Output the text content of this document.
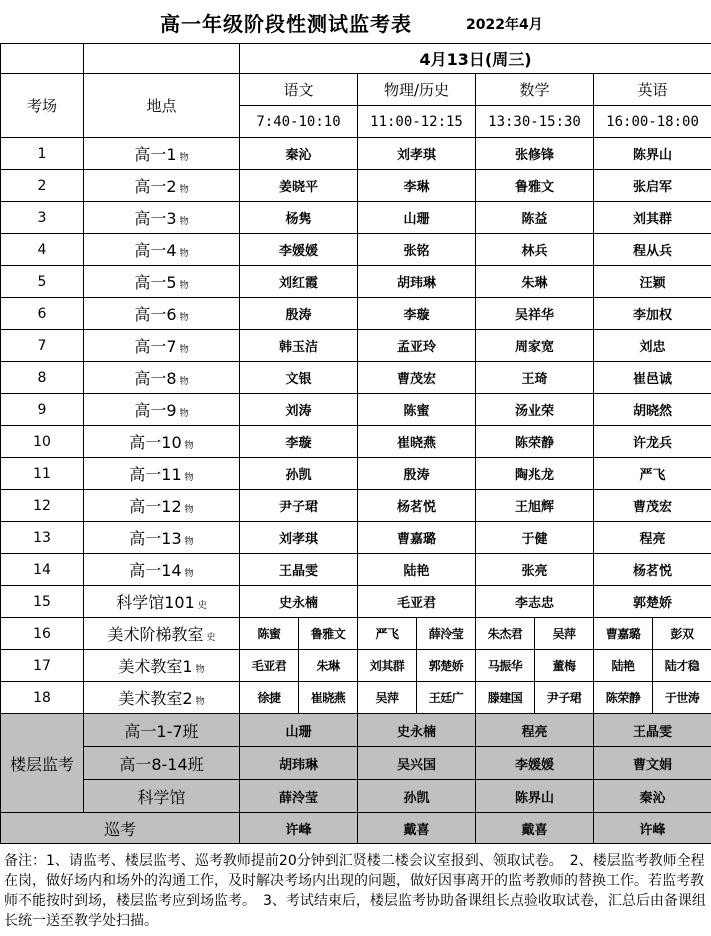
高一年级阶段性测试监考表	2022年4月
		4月13日(周三)							
考场	地点	语文		物理/历史		数学		英语	
		7:40-10:10		11:00-12:15		13:30-15:30		16:00-18:00	
1	高一1 物	秦沁		刘孝琪		张修锋		陈界山	
2	高一2 物	姜晓平		李琳		鲁雅文		张启军	
3	高一3 物	杨隽		山珊		陈益		刘其群	
4	高一4 物	李媛媛		张铭		林兵		程从兵	
5	高一5 物	刘红霞		胡玮琳		朱琳		汪颖	
6	高一6 物	殷涛		李璇		吴祥华		李加权	
7	高一7 物	韩玉洁		孟亚玲		周家宽		刘忠	
8	高一8 物	文银		曹茂宏		王琦		崔邑诚	
9	高一9 物	刘涛		陈蜜		汤业荣		胡晓然	
10	高一10 物	李璇		崔晓燕		陈荣静		许龙兵	
11	高一11 物	孙凯		殷涛		陶兆龙		严飞	
12	高一12 物	尹子珺		杨茗悦		王旭辉		曹茂宏	
13	高一13 物	刘孝琪		曹嘉璐		于健		程亮	
14	高一14 物	王晶雯		陆艳		张亮		杨茗悦	
15	科学馆101 史	史永楠		毛亚君		李志忠		郭楚娇	
16	美术阶梯教室 史	陈蜜	鲁雅文	严飞	薛泠莹	朱杰君	吴萍	曹嘉璐	彭双
17	美术教室1 物	毛亚君	朱琳	刘其群	郭楚娇	马振华	董梅	陆艳	陆才稳
18	美术教室2 物	徐捷	崔晓燕	吴萍	王廷广	滕建国	尹子珺	陈荣静	于世涛
楼层监考	高一1-7班	山珊		史永楠		程亮		王晶雯	
	高一8-14班	胡玮琳		吴兴国		李媛媛		曹文娟	
	科学馆	薛泠莹		孙凯		陈界山		秦沁	
巡考		许峰		戴喜		戴喜		许峰	
备注：1、请监考、楼层监考、巡考教师提前20分钟到汇贤楼二楼会议室报到、领取试卷。　2、楼层监考教师全程在岗，做好场内和场外的沟通工作，及时解决考场内出现的问题，做好因事离开的监考教师的替换工作。若监考教师不能按时到场，楼层监考应到场监考。　3、考试结束后，楼层监考协助备课组长点验收取试卷，汇总后由备课组长统一送至教学处扫描。
